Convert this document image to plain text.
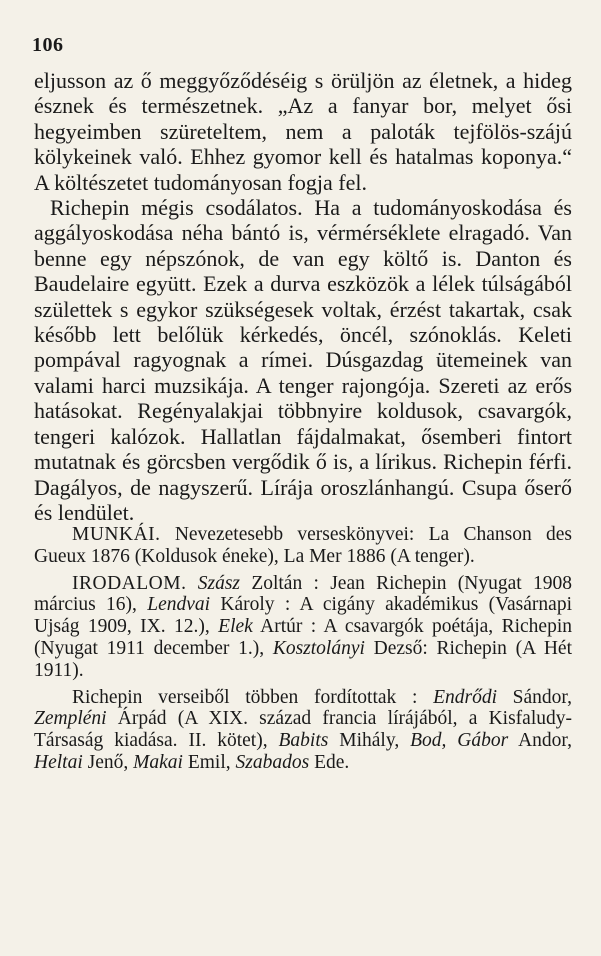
106

eljusson az ő meggyőződéséig s örüljön az életnek, a hideg észnek és természetnek. „Az a fanyar bor, melyet ősi hegyeimben szüreteltem, nem a paloták tejfölös-szájú kölykeinek való. Ehhez gyomor kell és hatalmas koponya.“ A költészetet tudományosan fogja fel.

Richepin mégis csodálatos. Ha a tudományoskodása és aggályoskodása néha bántó is, vérmérséklete elragadó. Van benne egy népszónok, de van egy költő is. Danton és Baudelaire együtt. Ezek a durva eszközök a lélek túlságából születtek s egykor szükségesek voltak, érzést takartak, csak később lett belőlük kérkedés, öncél, szónoklás. Keleti pompával ragyognak a rímei. Dúsgazdag ütemeinek van valami harci muzsikája. A tenger rajongója. Szereti az erős hatásokat. Regényalakjai többnyire koldusok, csavargók, tengeri kalózok. Hallatlan fájdalmakat, ősemberi fintort mutatnak és görcsben vergődik ő is, a lírikus. Richepin férfi. Dagályos, de nagyszerű. Lírája oroszlánhangú. Csupa őserő és lendület.

MUNKÁI. Nevezetesebb verseskönyvei: La Chanson des Gueux 1876 (Koldusok éneke), La Mer 1886 (A tenger).

IRODALOM. Szász Zoltán : Jean Richepin (Nyugat 1908 március 16), Lendvai Károly : A cigány akadémikus (Vasárnapi Ujság 1909, IX. 12.), Elek Artúr : A csavargók poétája, Richepin (Nyugat 1911 december 1.), Kosztolányi Dezső: Richepin (A Hét 1911).

Richepin verseiből többen fordítottak : Endrődi Sándor, Zempléni Árpád (A XIX. század francia lírájából, a Kisfaludy-Társaság kiadása. II. kötet), Babits Mihály, Bod, Gábor Andor, Heltai Jenő, Makai Emil, Szabados Ede.
